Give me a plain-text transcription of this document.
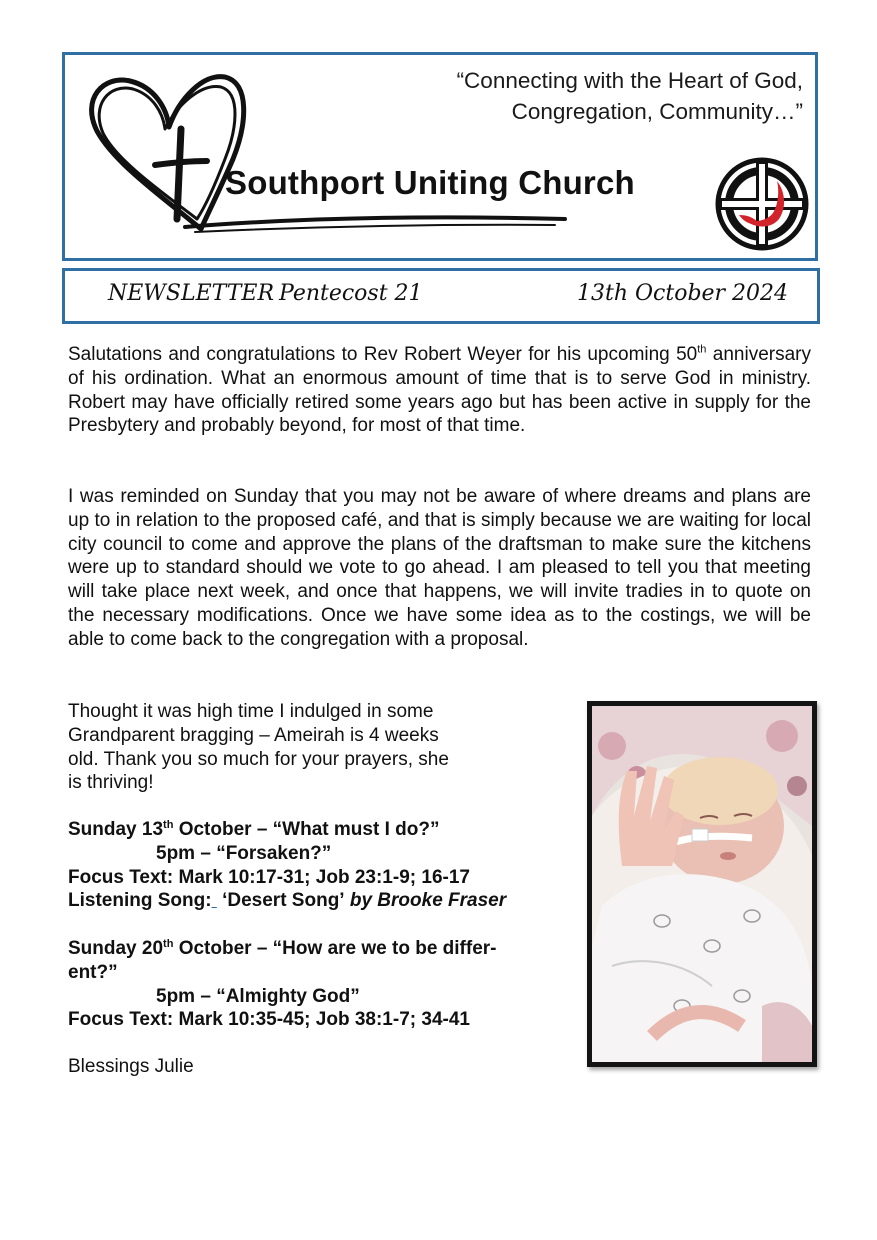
“Connecting with the Heart of God,
Congregation, Community…”
Southport Uniting Church
NEWSLETTER Pentecost 21	13th October 2024

Salutations and congratulations to Rev Robert Weyer for his upcoming 50th anniversary of his ordination. What an enormous amount of time that is to serve God in ministry. Robert may have officially retired some years ago but has been active in supply for the Presbytery and probably beyond, for most of that time.

I was reminded on Sunday that you may not be aware of where dreams and plans are up to in relation to the proposed café, and that is simply because we are waiting for local city council to come and approve the plans of the draftsman to make sure the kitchens were up to standard should we vote to go ahead. I am pleased to tell you that meeting will take place next week, and once that happens, we will invite tradies in to quote on the necessary modifications. Once we have some idea as to the costings, we will be able to come back to the congregation with a proposal.

Thought it was high time I indulged in some
Grandparent bragging – Ameirah is 4 weeks
old. Thank you so much for your prayers, she
is thriving!
Sunday 13th October – “What must I do?”
5pm – “Forsaken?”
Focus Text: Mark 10:17-31; Job 23:1-9; 16-17
Listening Song:  ‘Desert Song’ by Brooke Fraser
Sunday 20th October – “How are we to be differ-
ent?”
5pm – “Almighty God”
Focus Text: Mark 10:35-45; Job 38:1-7; 34-41
Blessings Julie
